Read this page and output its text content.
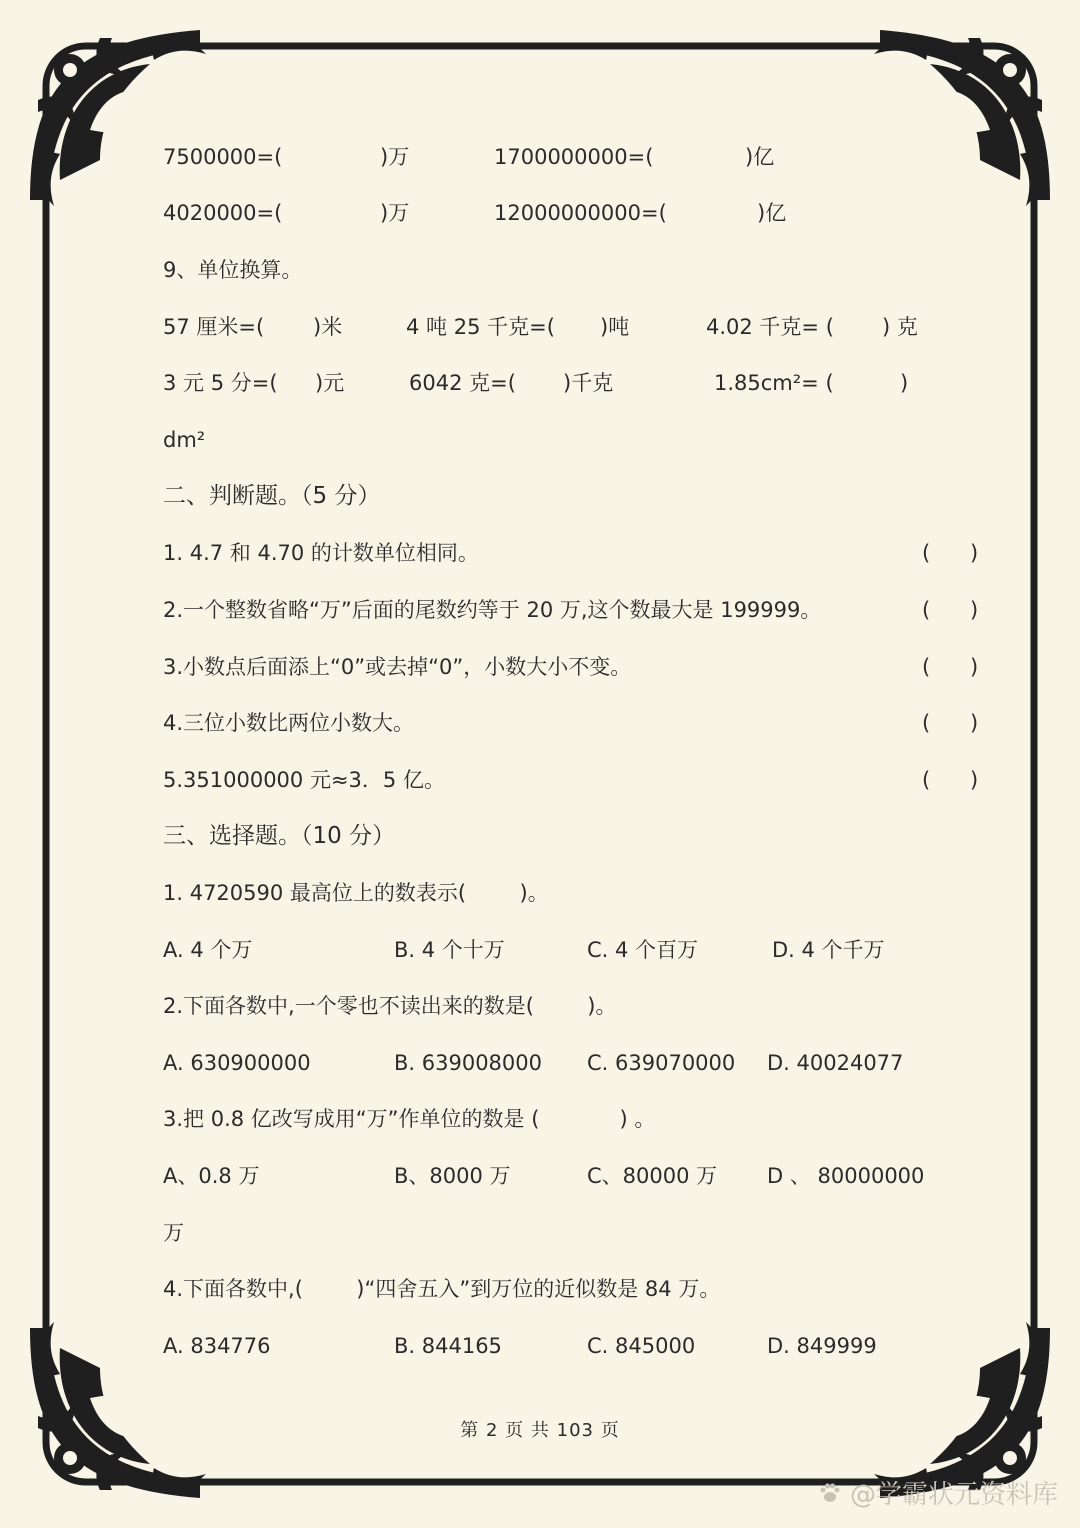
7500000=(	)万	1700000000=(	)亿
4020000=(	)万	12000000000=(	)亿
9、单位换算。
57 厘米=( )米	4 吨 25 千克=( )吨	4.02 千克= ( ) 克
3 元 5 分=( )元	6042 克=( )千克	1.85cm²= (	)
dm²
二、判断题。（5 分）
1. 4.7 和 4.70 的计数单位相同。	( )
2.一个整数省略“万”后面的尾数约等于 20 万,这个数最大是 199999。	( )
3.小数点后面添上“0”或去掉“0”，小数大小不变。	( )
4.三位小数比两位小数大。	( )
5.351000000 元≈3．5 亿。	( )
三、选择题。（10 分）
1. 4720590 最高位上的数表示(        )。
A. 4 个万	B. 4 个十万	C. 4 个百万	D. 4 个千万
2.下面各数中,一个零也不读出来的数是(        )。
A. 630900000	B. 639008000 C. 639070000 D. 40024077
3.把 0.8 亿改写成用“万”作单位的数是 (            ) 。
A、0.8 万	B、8000 万	C、80000 万 D 、 80000000
万
4.下面各数中,(        )“四舍五入”到万位的近似数是 84 万。
A. 834776	B. 844165	C. 845000	D. 849999
第 2 页 共 103 页
@学霸状元资料库
